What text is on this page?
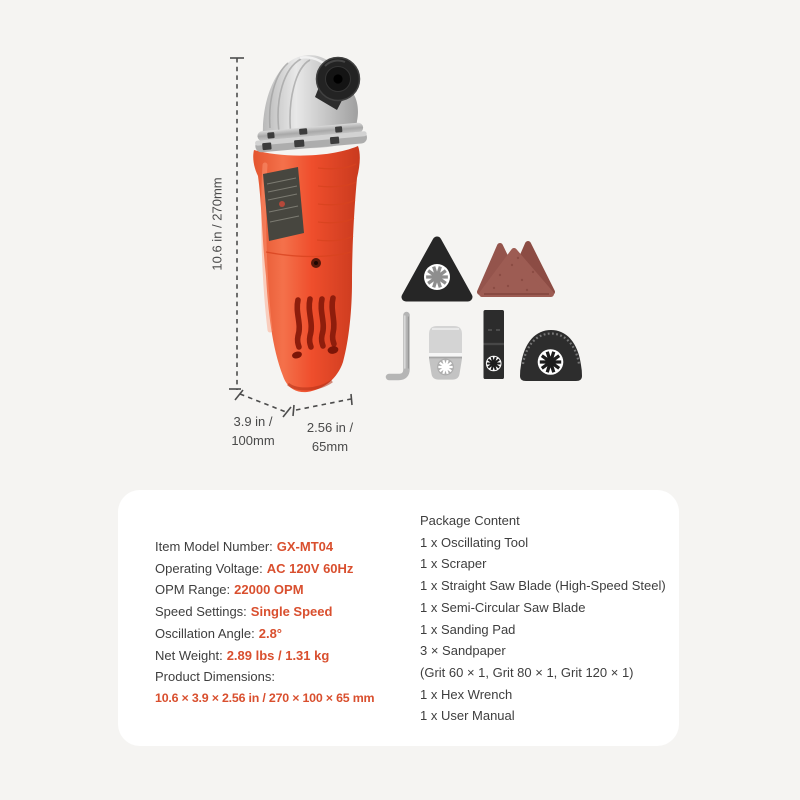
10.6 in / 270mm
3.9 in /
100mm
2.56 in /
65mm
Item Model Number: GX-MT04
Operating Voltage: AC 120V 60Hz
OPM Range: 22000 OPM
Speed Settings: Single Speed
Oscillation Angle: 2.8°
Net Weight: 2.89 lbs / 1.31 kg
Product Dimensions:
10.6 × 3.9 × 2.56 in / 270 × 100 × 65 mm
Package Content
1 x Oscillating Tool
1 x Scraper
1 x Straight Saw Blade (High-Speed Steel)
1 x Semi-Circular Saw Blade
1 x Sanding Pad
3 × Sandpaper
(Grit 60 × 1, Grit 80 × 1, Grit 120 × 1)
1 x Hex Wrench
1 x User Manual
